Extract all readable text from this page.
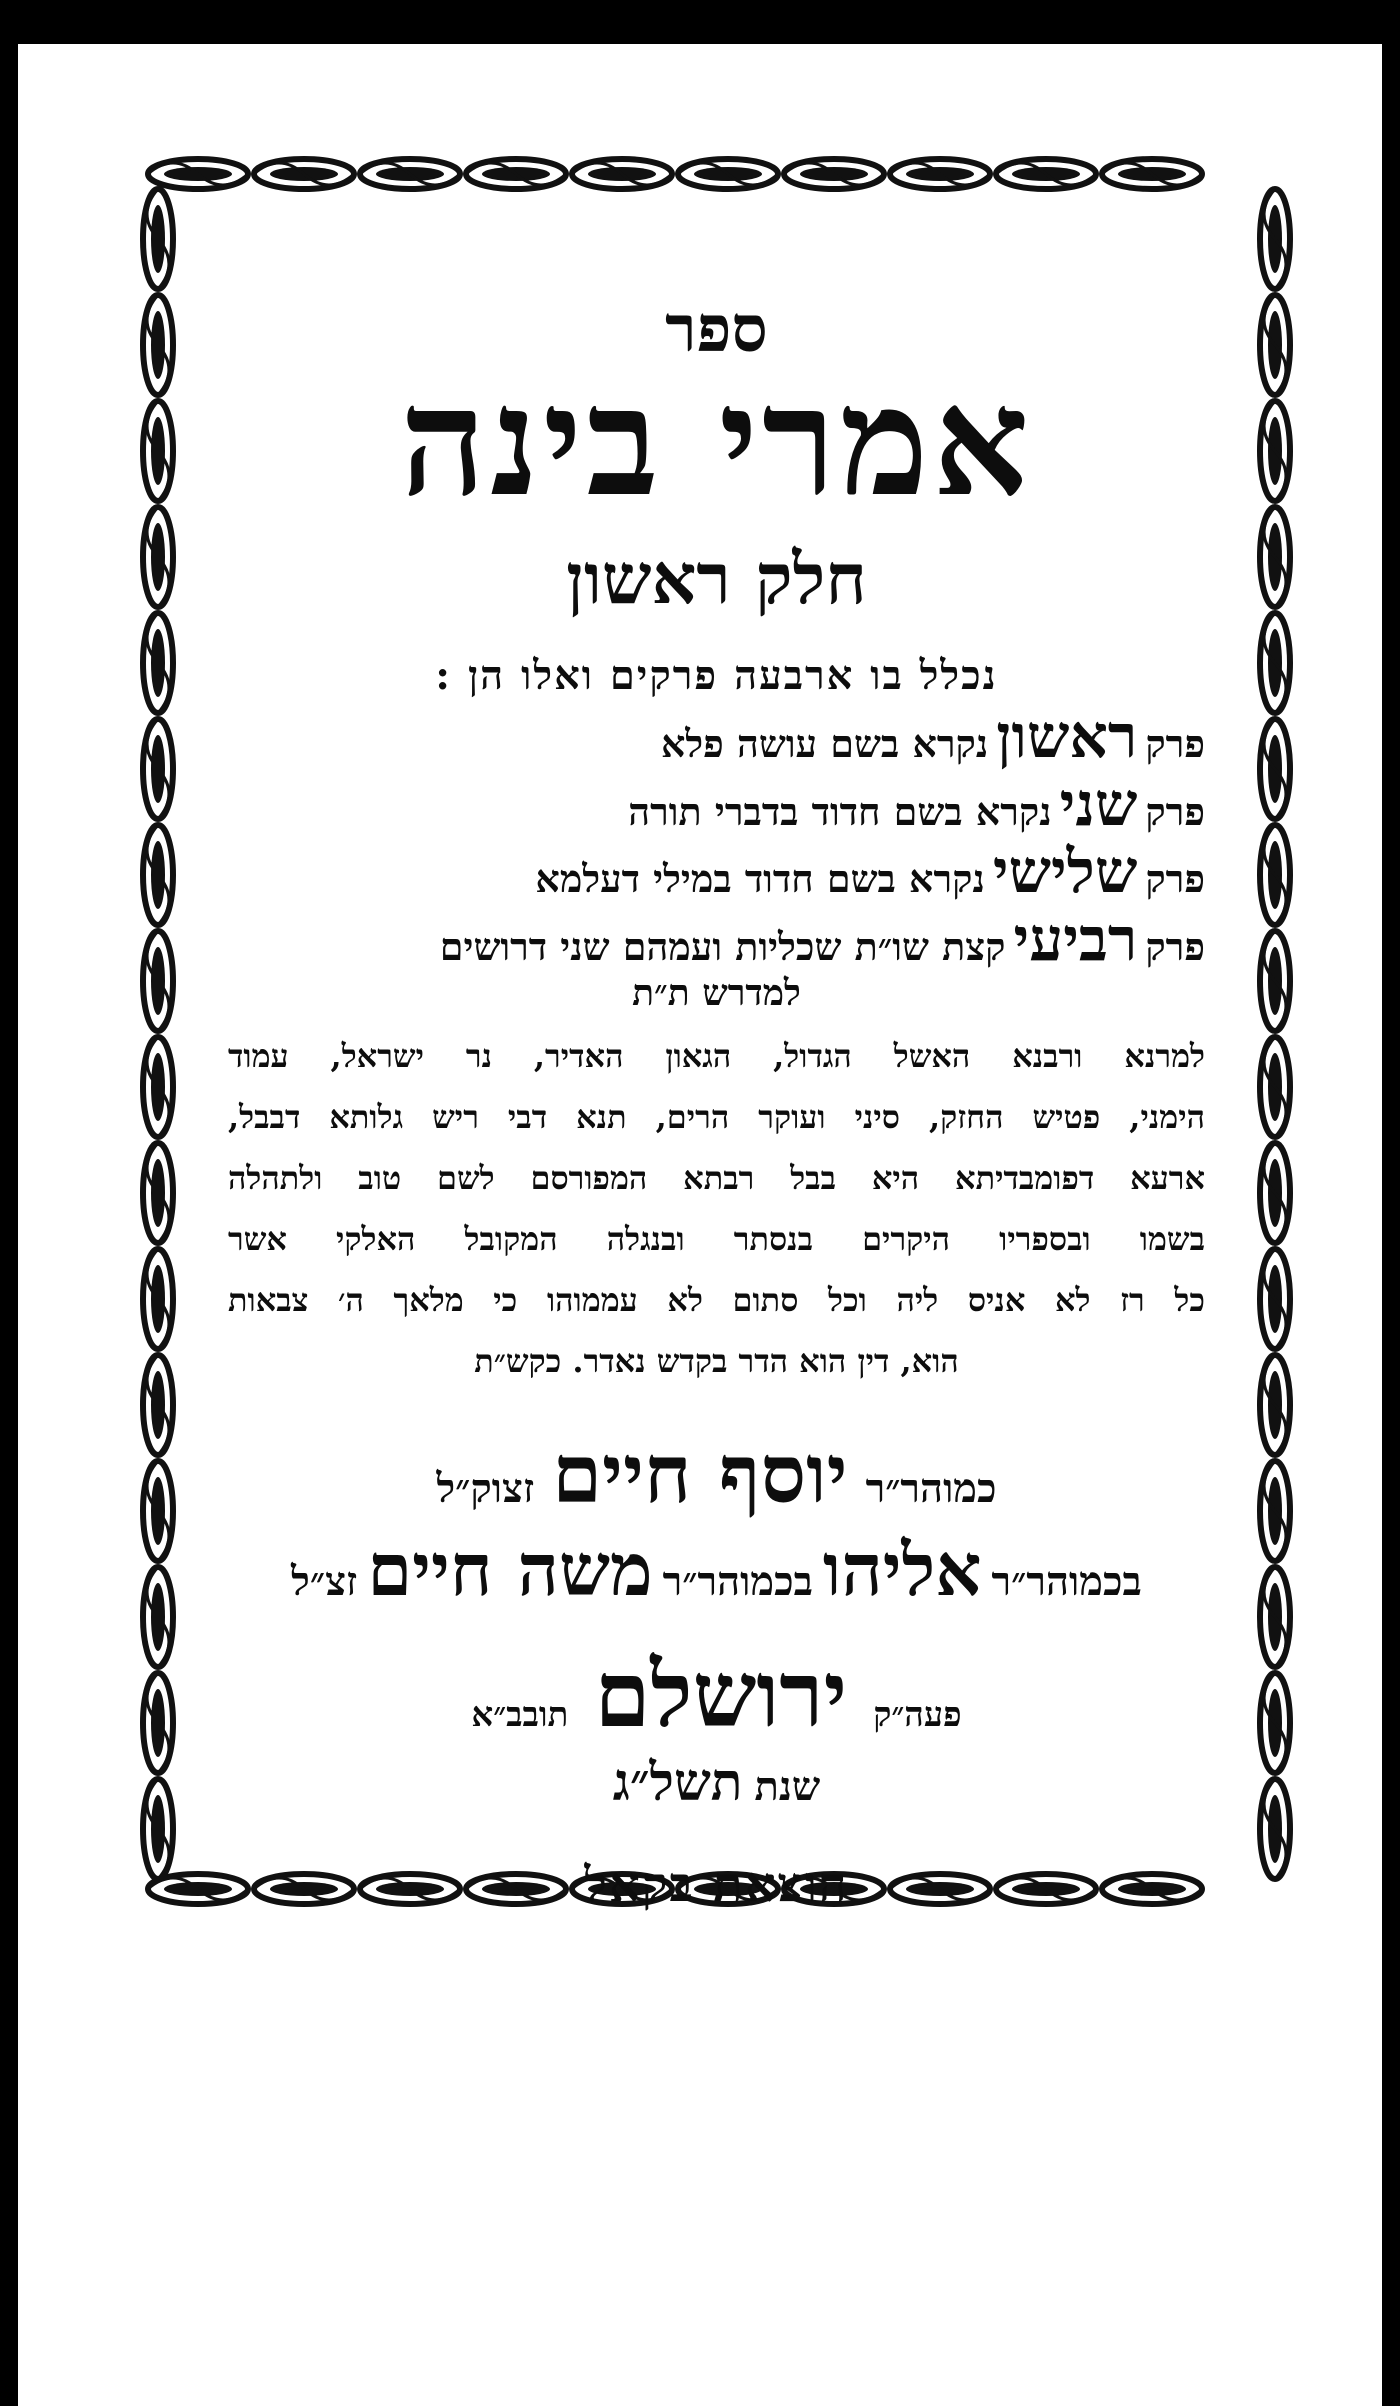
ספר
אמרי בינה
חלק ראשון
נכלל בו ארבעה פרקים ואלו הן :
פרקראשוןנקרא בשם עושה פלא
פרקשנינקרא בשם חדוד בדברי תורה
פרקשלישינקרא בשם חדוד במילי דעלמא
פרקרביעיקצת שו״ת שכליות ועמהם שני דרושים
למדרש ת״ת
למרנא ורבנא האשל הגדול, הגאון האדיר, נר ישראל, עמוד
הימני, פטיש החזק, סיני ועוקר הרים, תנא דבי ריש גלותא דבבל,
ארעא דפומבדיתא היא בבל רבתא המפורסם לשם טוב ולתהלה
בשמו ובספריו היקרים בנסתר ובנגלה המקובל האלקי אשר
כל רז לא אניס ליה וכל סתום לא עממוהו כי מלאך ה׳ צבאות
הוא, דין הוא הדר בקדש נאדר. כקש״ת
כמוהר״ריוסף חייםזצוק״ל
בכמוהר״ראליהובכמוהר״רמשה חייםזצ״ל
פעה״קירושלםתובב״א
שנתתשל״ג
הוצאת בקאל
